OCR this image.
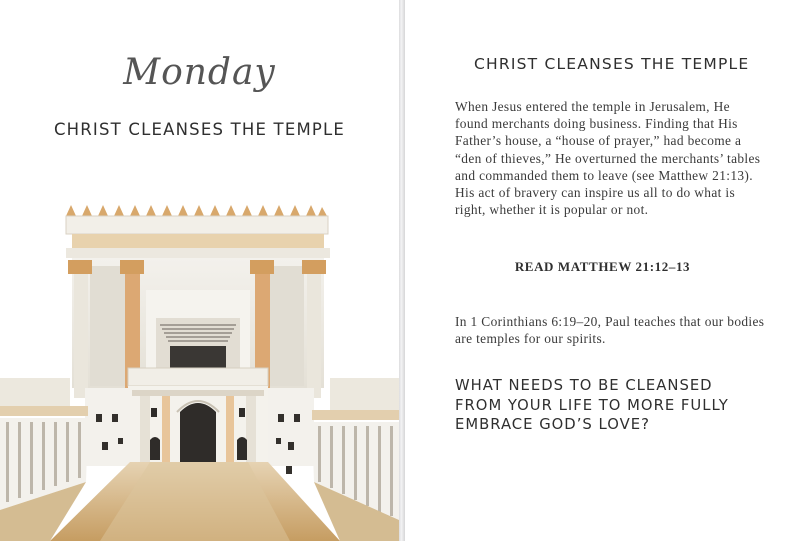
Monday
CHRIST CLEANSES THE TEMPLE
CHRIST CLEANSES THE TEMPLE
When Jesus entered the temple in Jerusalem, He found merchants doing business. Finding that His Father’s house, a “house of prayer,” had become a “den of thieves,” He overturned the merchants’ tables and commanded them to leave (see Matthew 21:13). His act of bravery can inspire us all to do what is right, whether it is popular or not.
READ MATTHEW 21:12–13
In 1 Corinthians 6:19–20, Paul teaches that our bodies are temples for our spirits.
WHAT NEEDS TO BE CLEANSED FROM YOUR LIFE TO MORE FULLY EMBRACE GOD’S LOVE?
